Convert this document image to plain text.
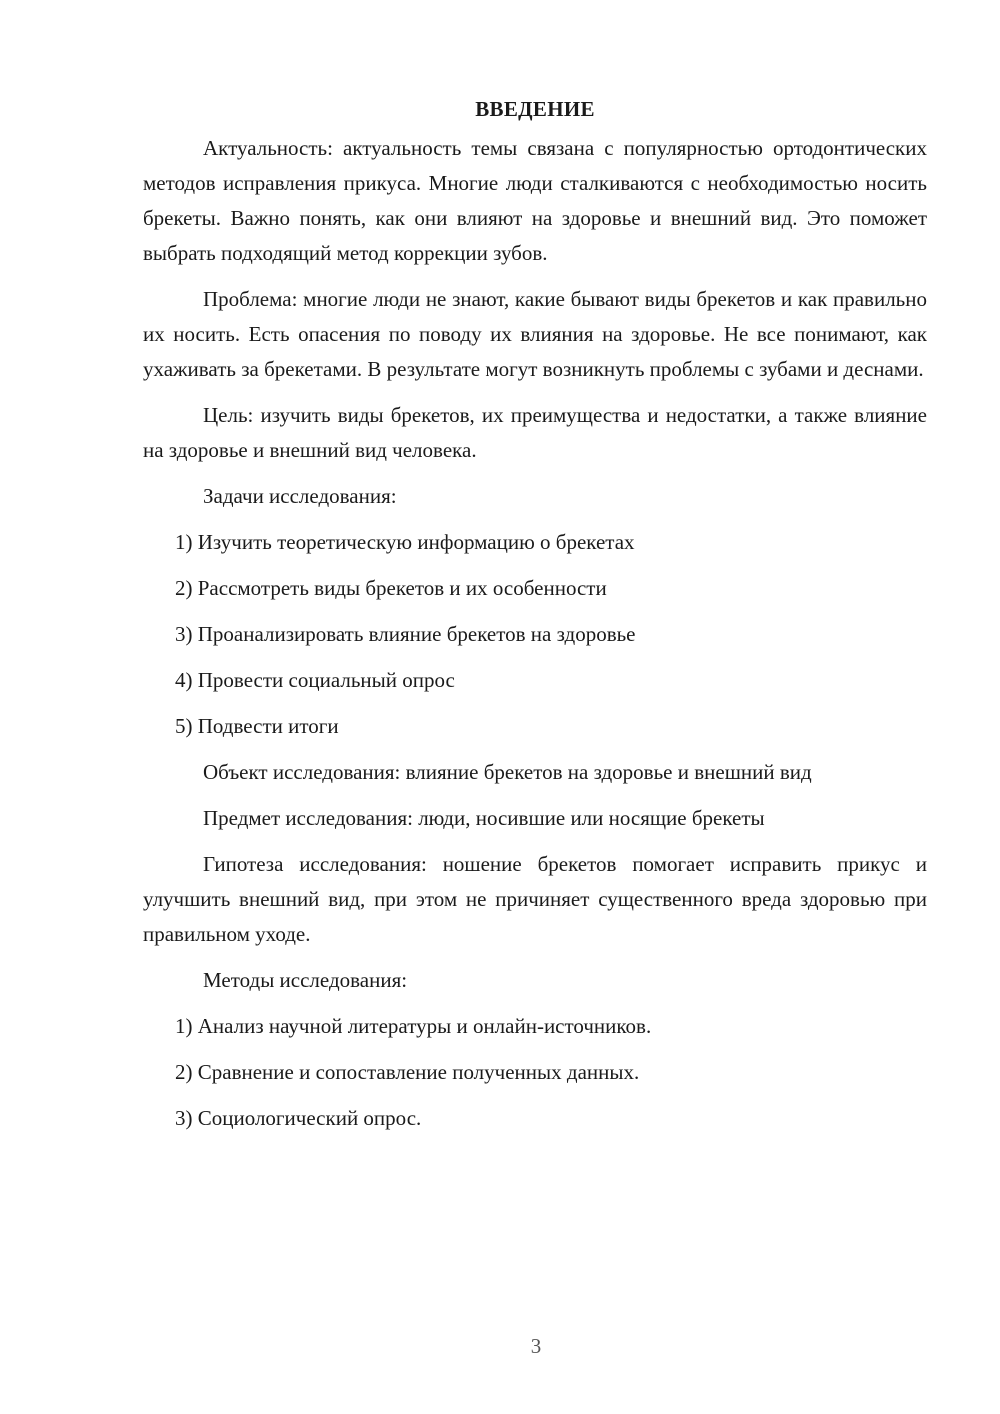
ВВЕДЕНИЕ

Актуальность: актуальность темы связана с популярностью ортодонтических методов исправления прикуса. Многие люди сталкиваются с необходимостью носить брекеты. Важно понять, как они влияют на здоровье и внешний вид. Это поможет выбрать подходящий метод коррекции зубов.

Проблема: многие люди не знают, какие бывают виды брекетов и как правильно их носить. Есть опасения по поводу их влияния на здоровье. Не все понимают, как ухаживать за брекетами. В результате могут возникнуть проблемы с зубами и деснами.

Цель: изучить виды брекетов, их преимущества и недостатки, а также влияние на здоровье и внешний вид человека.

Задачи исследования:
1) Изучить теоретическую информацию о брекетах
2) Рассмотреть виды брекетов и их особенности
3) Проанализировать влияние брекетов на здоровье
4) Провести социальный опрос
5) Подвести итоги
Объект исследования: влияние брекетов на здоровье и внешний вид
Предмет исследования: люди, носившие или носящие брекеты

Гипотеза исследования: ношение брекетов помогает исправить прикус и улучшить внешний вид, при этом не причиняет существенного вреда здоровью при правильном уходе.

Методы исследования:
1) Анализ научной литературы и онлайн-источников.
2) Сравнение и сопоставление полученных данных.
3) Социологический опрос.
3
